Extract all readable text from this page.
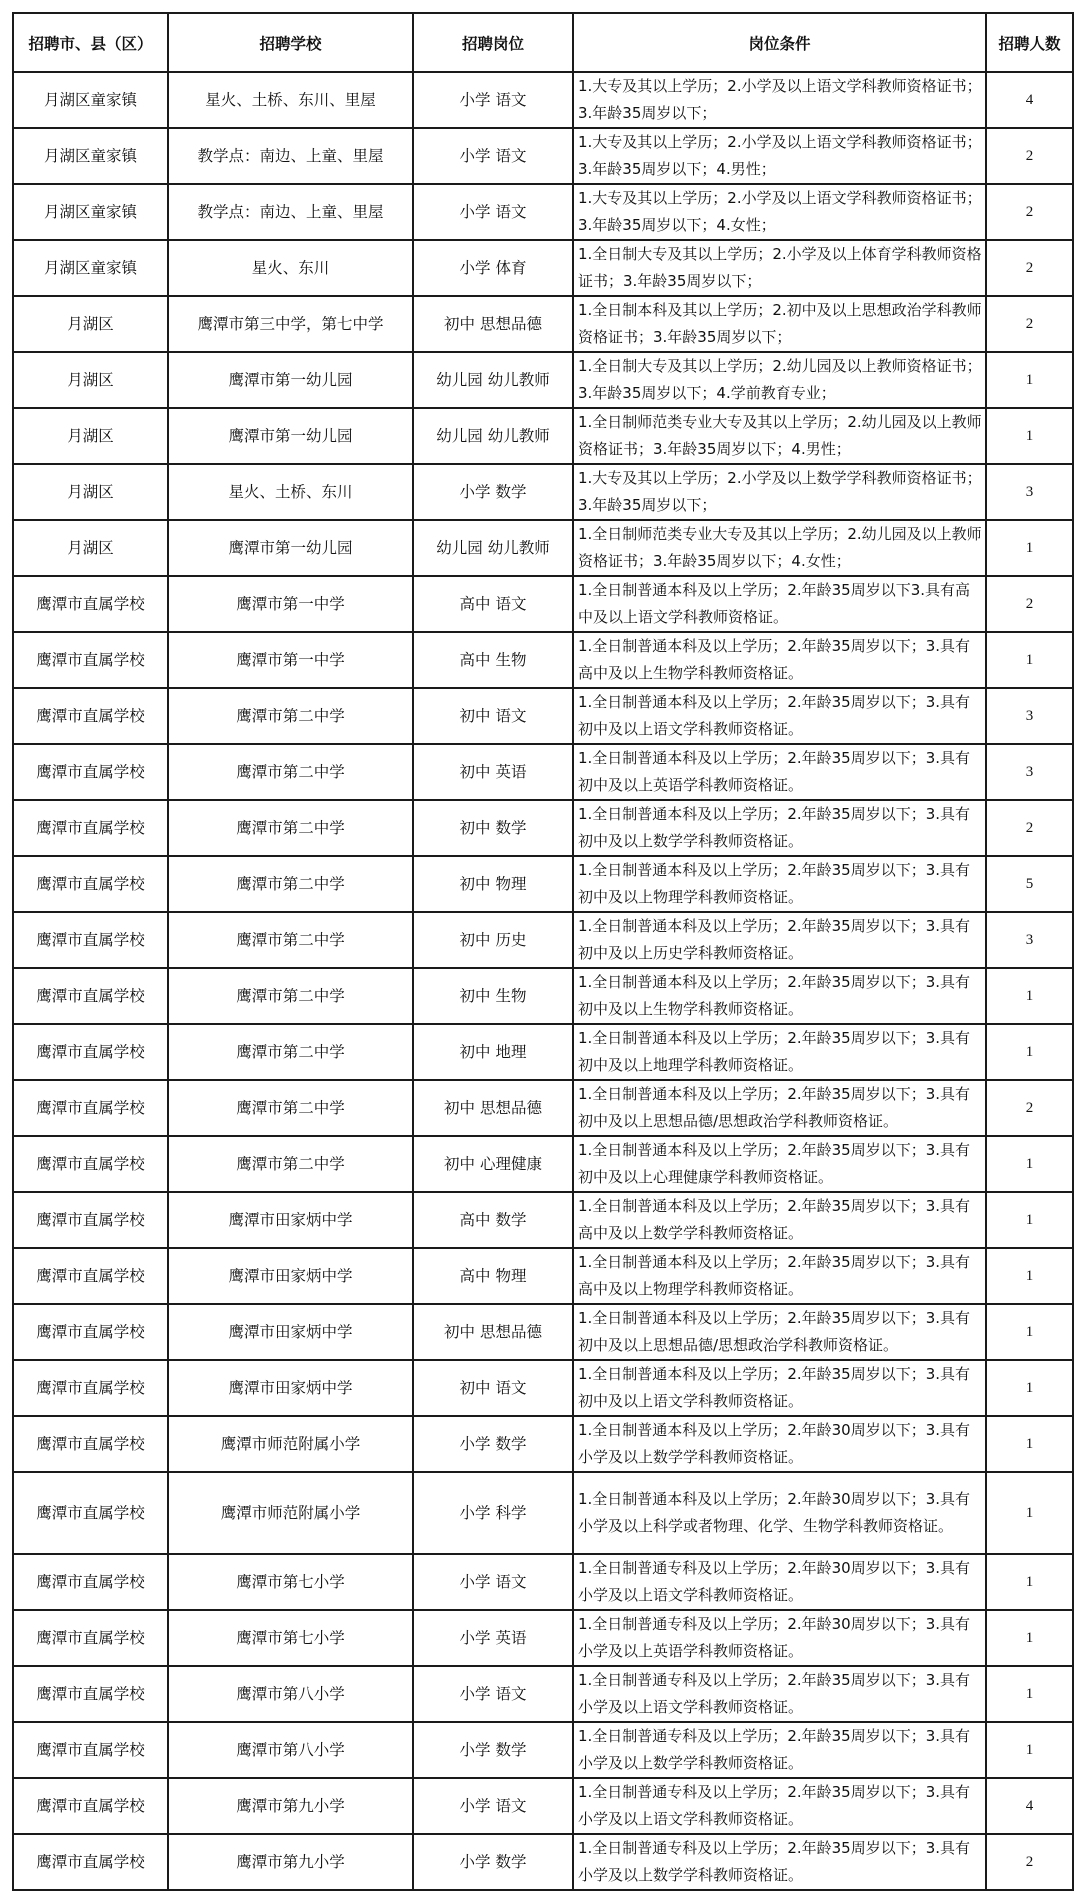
招聘市、县（区）	招聘学校	招聘岗位	岗位条件	招聘人数
月湖区童家镇	星火、土桥、东川、里屋	小学 语文	1.大专及其以上学历；2.小学及以上语文学科教师资格证书；3.年龄35周岁以下；	4
月湖区童家镇	教学点：南边、上童、里屋	小学 语文	1.大专及其以上学历；2.小学及以上语文学科教师资格证书；3.年龄35周岁以下；4.男性；	2
月湖区童家镇	教学点：南边、上童、里屋	小学 语文	1.大专及其以上学历；2.小学及以上语文学科教师资格证书；3.年龄35周岁以下；4.女性；	2
月湖区童家镇	星火、东川	小学 体育	1.全日制大专及其以上学历；2.小学及以上体育学科教师资格证书；3.年龄35周岁以下；	2
月湖区	鹰潭市第三中学，第七中学	初中 思想品德	1.全日制本科及其以上学历；2.初中及以上思想政治学科教师资格证书；3.年龄35周岁以下；	2
月湖区	鹰潭市第一幼儿园	幼儿园 幼儿教师	1.全日制大专及其以上学历；2.幼儿园及以上教师资格证书；3.年龄35周岁以下；4.学前教育专业；	1
月湖区	鹰潭市第一幼儿园	幼儿园 幼儿教师	1.全日制师范类专业大专及其以上学历；2.幼儿园及以上教师资格证书；3.年龄35周岁以下；4.男性；	1
月湖区	星火、土桥、东川	小学 数学	1.大专及其以上学历；2.小学及以上数学学科教师资格证书；3.年龄35周岁以下；	3
月湖区	鹰潭市第一幼儿园	幼儿园 幼儿教师	1.全日制师范类专业大专及其以上学历；2.幼儿园及以上教师资格证书；3.年龄35周岁以下；4.女性；	1
鹰潭市直属学校	鹰潭市第一中学	高中 语文	1.全日制普通本科及以上学历；2.年龄35周岁以下3.具有高中及以上语文学科教师资格证。	2
鹰潭市直属学校	鹰潭市第一中学	高中 生物	1.全日制普通本科及以上学历；2.年龄35周岁以下；3.具有高中及以上生物学科教师资格证。	1
鹰潭市直属学校	鹰潭市第二中学	初中 语文	1.全日制普通本科及以上学历；2.年龄35周岁以下；3.具有初中及以上语文学科教师资格证。	3
鹰潭市直属学校	鹰潭市第二中学	初中 英语	1.全日制普通本科及以上学历；2.年龄35周岁以下；3.具有初中及以上英语学科教师资格证。	3
鹰潭市直属学校	鹰潭市第二中学	初中 数学	1.全日制普通本科及以上学历；2.年龄35周岁以下；3.具有初中及以上数学学科教师资格证。	2
鹰潭市直属学校	鹰潭市第二中学	初中 物理	1.全日制普通本科及以上学历；2.年龄35周岁以下；3.具有初中及以上物理学科教师资格证。	5
鹰潭市直属学校	鹰潭市第二中学	初中 历史	1.全日制普通本科及以上学历；2.年龄35周岁以下；3.具有初中及以上历史学科教师资格证。	3
鹰潭市直属学校	鹰潭市第二中学	初中 生物	1.全日制普通本科及以上学历；2.年龄35周岁以下；3.具有初中及以上生物学科教师资格证。	1
鹰潭市直属学校	鹰潭市第二中学	初中 地理	1.全日制普通本科及以上学历；2.年龄35周岁以下；3.具有初中及以上地理学科教师资格证。	1
鹰潭市直属学校	鹰潭市第二中学	初中 思想品德	1.全日制普通本科及以上学历；2.年龄35周岁以下；3.具有初中及以上思想品德/思想政治学科教师资格证。	2
鹰潭市直属学校	鹰潭市第二中学	初中 心理健康	1.全日制普通本科及以上学历；2.年龄35周岁以下；3.具有初中及以上心理健康学科教师资格证。	1
鹰潭市直属学校	鹰潭市田家炳中学	高中 数学	1.全日制普通本科及以上学历；2.年龄35周岁以下；3.具有高中及以上数学学科教师资格证。	1
鹰潭市直属学校	鹰潭市田家炳中学	高中 物理	1.全日制普通本科及以上学历；2.年龄35周岁以下；3.具有高中及以上物理学科教师资格证。	1
鹰潭市直属学校	鹰潭市田家炳中学	初中 思想品德	1.全日制普通本科及以上学历；2.年龄35周岁以下；3.具有初中及以上思想品德/思想政治学科教师资格证。	1
鹰潭市直属学校	鹰潭市田家炳中学	初中 语文	1.全日制普通本科及以上学历；2.年龄35周岁以下；3.具有初中及以上语文学科教师资格证。	1
鹰潭市直属学校	鹰潭市师范附属小学	小学 数学	1.全日制普通本科及以上学历；2.年龄30周岁以下；3.具有小学及以上数学学科教师资格证。	1
鹰潭市直属学校	鹰潭市师范附属小学	小学 科学	1.全日制普通本科及以上学历；2.年龄30周岁以下；3.具有小学及以上科学或者物理、化学、生物学科教师资格证。	1
鹰潭市直属学校	鹰潭市第七小学	小学 语文	1.全日制普通专科及以上学历；2.年龄30周岁以下；3.具有小学及以上语文学科教师资格证。	1
鹰潭市直属学校	鹰潭市第七小学	小学 英语	1.全日制普通专科及以上学历；2.年龄30周岁以下；3.具有小学及以上英语学科教师资格证。	1
鹰潭市直属学校	鹰潭市第八小学	小学 语文	1.全日制普通专科及以上学历；2.年龄35周岁以下；3.具有小学及以上语文学科教师资格证。	1
鹰潭市直属学校	鹰潭市第八小学	小学 数学	1.全日制普通专科及以上学历；2.年龄35周岁以下；3.具有小学及以上数学学科教师资格证。	1
鹰潭市直属学校	鹰潭市第九小学	小学 语文	1.全日制普通专科及以上学历；2.年龄35周岁以下；3.具有小学及以上语文学科教师资格证。	4
鹰潭市直属学校	鹰潭市第九小学	小学 数学	1.全日制普通专科及以上学历；2.年龄35周岁以下；3.具有小学及以上数学学科教师资格证。	2
